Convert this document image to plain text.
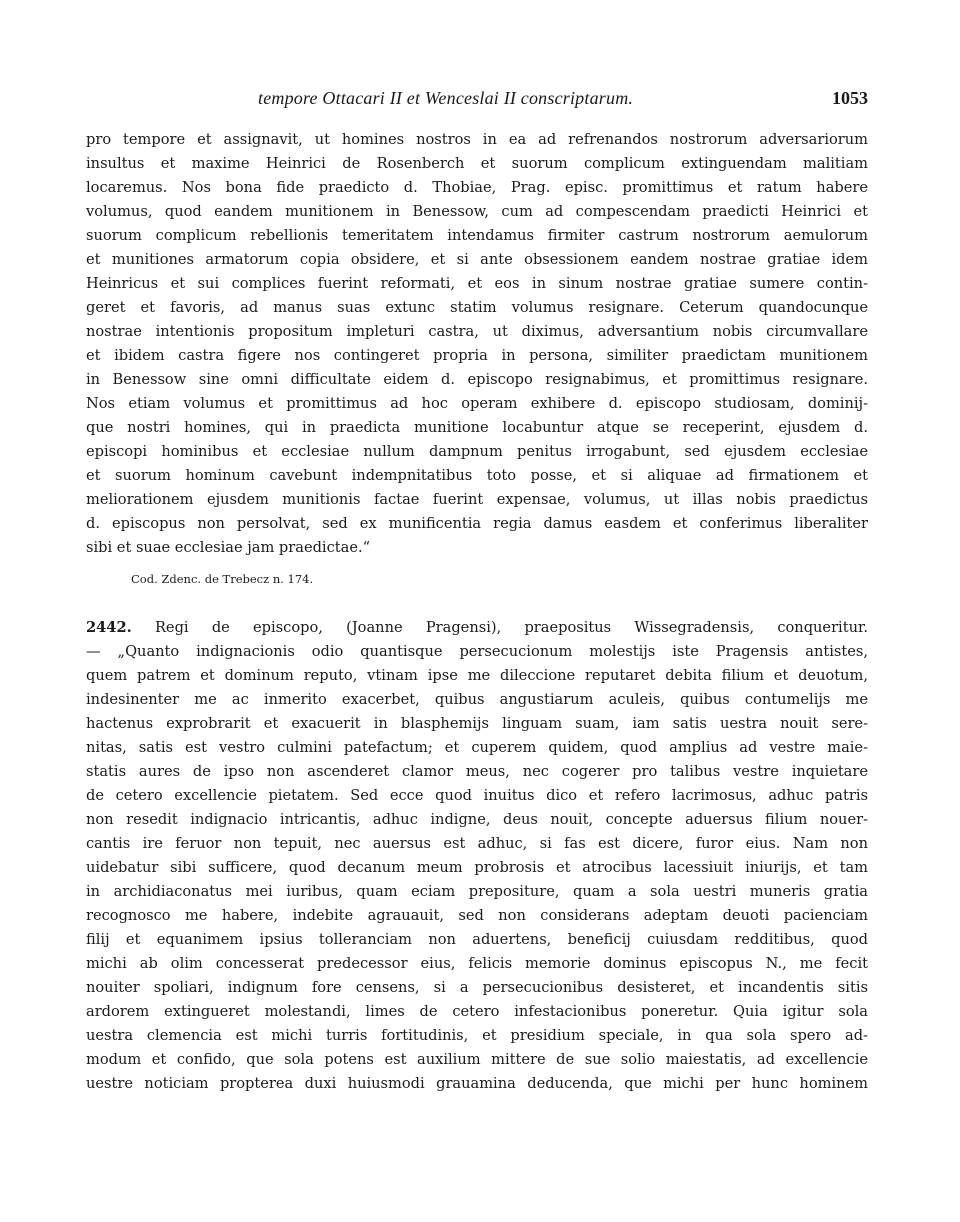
tempore Ottacari II et Wenceslai II conscriptarum.	1053
pro tempore et assignavit, ut homines nostros in ea ad refrenandos nostrorum adversariorum
insultus et maxime Heinrici de Rosenberch et suorum complicum extinguendam malitiam
locaremus. Nos bona fide praedicto d. Thobiae, Prag. episc. promittimus et ratum habere
volumus, quod eandem munitionem in Benessow, cum ad compescendam praedicti Heinrici et
suorum complicum rebellionis temeritatem intendamus firmiter castrum nostrorum aemulorum
et munitiones armatorum copia obsidere, et si ante obsessionem eandem nostrae gratiae idem
Heinricus et sui complices fuerint reformati, et eos in sinum nostrae gratiae sumere contin-
geret et favoris, ad manus suas extunc statim volumus resignare. Ceterum quandocunque
nostrae intentionis propositum impleturi castra, ut diximus, adversantium nobis circumvallare
et ibidem castra figere nos contingeret propria in persona, similiter praedictam munitionem
in Benessow sine omni difficultate eidem d. episcopo resignabimus, et promittimus resignare.
Nos etiam volumus et promittimus ad hoc operam exhibere d. episcopo studiosam, dominij-
que nostri homines, qui in praedicta munitione locabuntur atque se receperint, ejusdem d.
episcopi hominibus et ecclesiae nullum dampnum penitus irrogabunt, sed ejusdem ecclesiae
et suorum hominum cavebunt indempnitatibus toto posse, et si aliquae ad firmationem et
meliorationem ejusdem munitionis factae fuerint expensae, volumus, ut illas nobis praedictus
d. episcopus non persolvat, sed ex munificentia regia damus easdem et conferimus liberaliter
sibi et suae ecclesiae jam praedictae.“
Cod. Zdenc. de Trebecz n. 174.
2442. Regi de episcopo, (Joanne Pragensi), praepositus Wissegradensis, conqueritur.
— „Quanto indignacionis odio quantisque persecucionum molestijs iste Pragensis antistes,
quem patrem et dominum reputo, vtinam ipse me dileccione reputaret debita filium et deuotum,
indesinenter me ac inmerito exacerbet, quibus angustiarum aculeis, quibus contumelijs me
hactenus exprobrarit et exacuerit in blasphemijs linguam suam, iam satis uestra nouit sere-
nitas, satis est vestro culmini patefactum; et cuperem quidem, quod amplius ad vestre maie-
statis aures de ipso non ascenderet clamor meus, nec cogerer pro talibus vestre inquietare
de cetero excellencie pietatem. Sed ecce quod inuitus dico et refero lacrimosus, adhuc patris
non resedit indignacio intricantis, adhuc indigne, deus nouit, concepte aduersus filium nouer-
cantis ire feruor non tepuit, nec auersus est adhuc, si fas est dicere, furor eius. Nam non
uidebatur sibi sufficere, quod decanum meum probrosis et atrocibus lacessiuit iniurijs, et tam
in archidiaconatus mei iuribus, quam eciam prepositure, quam a sola uestri muneris gratia
recognosco me habere, indebite agrauauit, sed non considerans adeptam deuoti pacienciam
filij et equanimem ipsius tolleranciam non aduertens, beneficij cuiusdam redditibus, quod
michi ab olim concesserat predecessor eius, felicis memorie dominus episcopus N., me fecit
nouiter spoliari, indignum fore censens, si a persecucionibus desisteret, et incandentis sitis
ardorem extingueret molestandi, limes de cetero infestacionibus poneretur. Quia igitur sola
uestra clemencia est michi turris fortitudinis, et presidium speciale, in qua sola spero ad-
modum et confido, que sola potens est auxilium mittere de sue solio maiestatis, ad excellencie
uestre noticiam propterea duxi huiusmodi grauamina deducenda, que michi per hunc hominem
